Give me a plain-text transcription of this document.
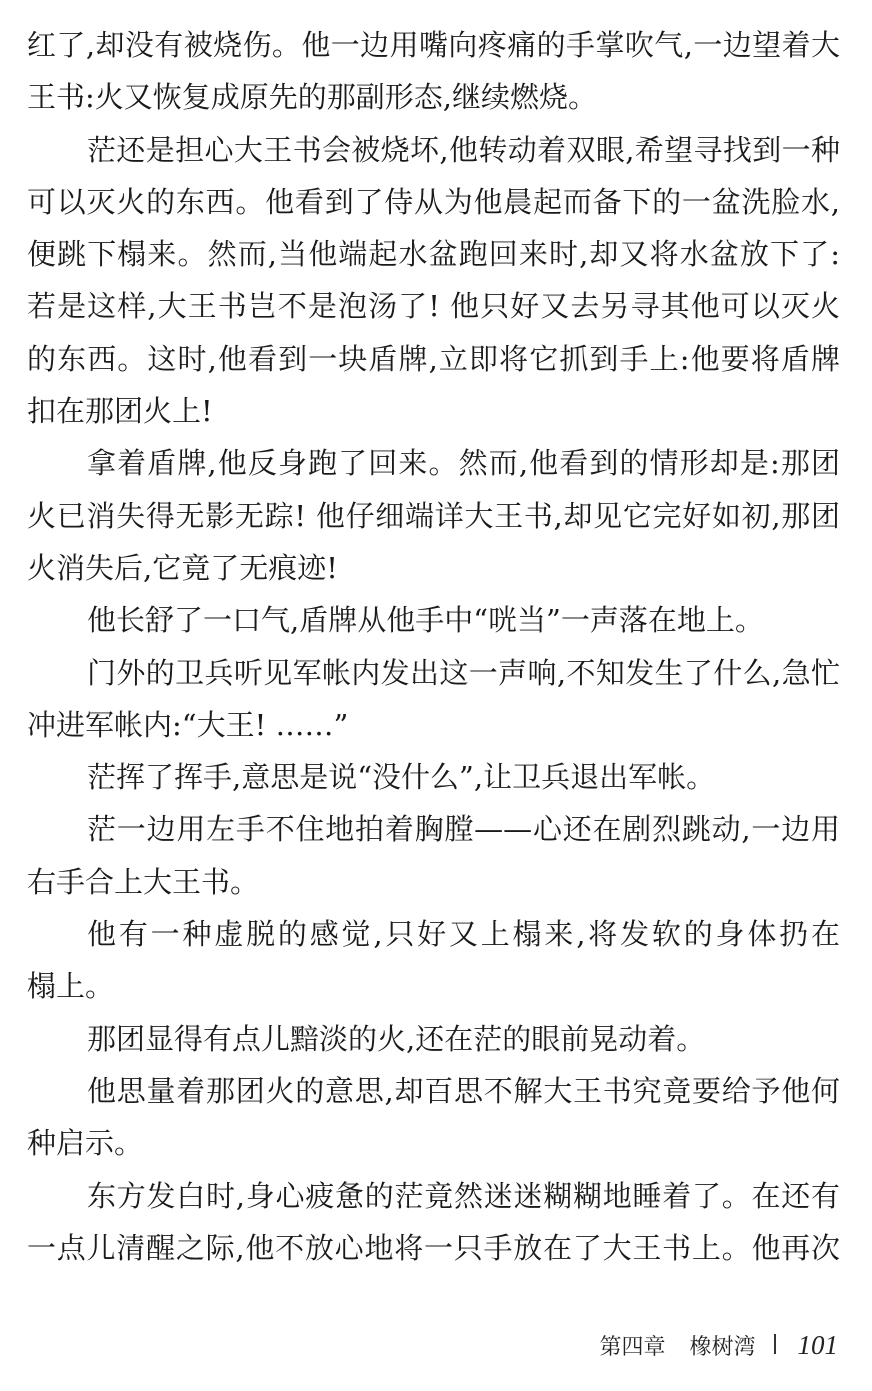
红了,却没有被烧伤。他一边用嘴向疼痛的手掌吹气,一边望着大
王书:火又恢复成原先的那副形态,继续燃烧。
茫还是担心大王书会被烧坏,他转动着双眼,希望寻找到一种
可以灭火的东西。他看到了侍从为他晨起而备下的一盆洗脸水,
便跳下榻来。然而,当他端起水盆跑回来时,却又将水盆放下了:
若是这样,大王书岂不是泡汤了! 他只好又去另寻其他可以灭火
的东西。这时,他看到一块盾牌,立即将它抓到手上:他要将盾牌
扣在那团火上!
拿着盾牌,他反身跑了回来。然而,他看到的情形却是:那团
火已消失得无影无踪! 他仔细端详大王书,却见它完好如初,那团
火消失后,它竟了无痕迹!
他长舒了一口气,盾牌从他手中“咣当”一声落在地上。
门外的卫兵听见军帐内发出这一声响,不知发生了什么,急忙
冲进军帐内:“大王! ……”
茫挥了挥手,意思是说“没什么”,让卫兵退出军帐。
茫一边用左手不住地拍着胸膛——心还在剧烈跳动,一边用
右手合上大王书。
他有一种虚脱的感觉,只好又上榻来,将发软的身体扔在
榻上。
那团显得有点儿黯淡的火,还在茫的眼前晃动着。
他思量着那团火的意思,却百思不解大王书究竟要给予他何
种启示。
东方发白时,身心疲惫的茫竟然迷迷糊糊地睡着了。在还有
一点儿清醒之际,他不放心地将一只手放在了大王书上。他再次
第四章 橡树湾 101
